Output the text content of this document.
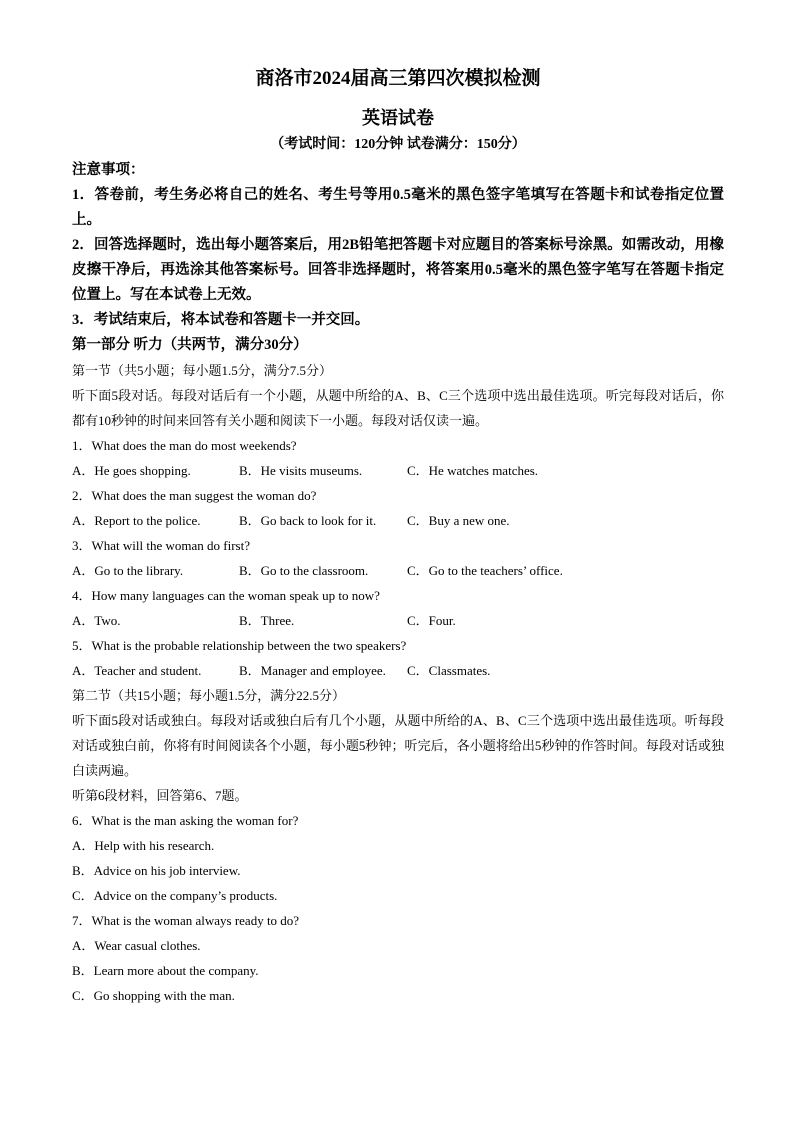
商洛市2024届高三第四次模拟检测
英语试卷
（考试时间：120分钟 试卷满分：150分）

注意事项：

1．答卷前，考生务必将自己的姓名、考生号等用0.5毫米的黑色签字笔填写在答题卡和试卷指定位置上。

2．回答选择题时，选出每小题答案后，用2B铅笔把答题卡对应题目的答案标号涂黑。如需改动，用橡皮擦干净后，再选涂其他答案标号。回答非选择题时，将答案用0.5毫米的黑色签字笔写在答题卡指定位置上。写在本试卷上无效。

3．考试结束后，将本试卷和答题卡一并交回。

第一部分 听力（共两节，满分30分）

第一节（共5小题；每小题1.5分，满分7.5分）

听下面5段对话。每段对话后有一个小题，从题中所给的A、B、C三个选项中选出最佳选项。听完每段对话后，你都有10秒钟的时间来回答有关小题和阅读下一小题。每段对话仅读一遍。

1．What does the man do most weekends?

A．He goes shopping.	B．He visits museums.	C．He watches matches.

2．What does the man suggest the woman do?

A．Report to the police.	B．Go back to look for it.	C．Buy a new one.

3．What will the woman do first?

A．Go to the library.	B．Go to the classroom.	C．Go to the teachers’ office.

4．How many languages can the woman speak up to now?

A．Two.	B．Three.	C．Four.

5．What is the probable relationship between the two speakers?

A．Teacher and student.	B．Manager and employee.	C．Classmates.

第二节（共15小题；每小题1.5分，满分22.5分）

听下面5段对话或独白。每段对话或独白后有几个小题，从题中所给的A、B、C三个选项中选出最佳选项。听每段对话或独白前，你将有时间阅读各个小题，每小题5秒钟；听完后，各小题将给出5秒钟的作答时间。每段对话或独白读两遍。

听第6段材料，回答第6、7题。

6．What is the man asking the woman for?

A．Help with his research.

B．Advice on his job interview.

C．Advice on the company’s products.

7．What is the woman always ready to do?

A．Wear casual clothes.

B．Learn more about the company.

C．Go shopping with the man.
